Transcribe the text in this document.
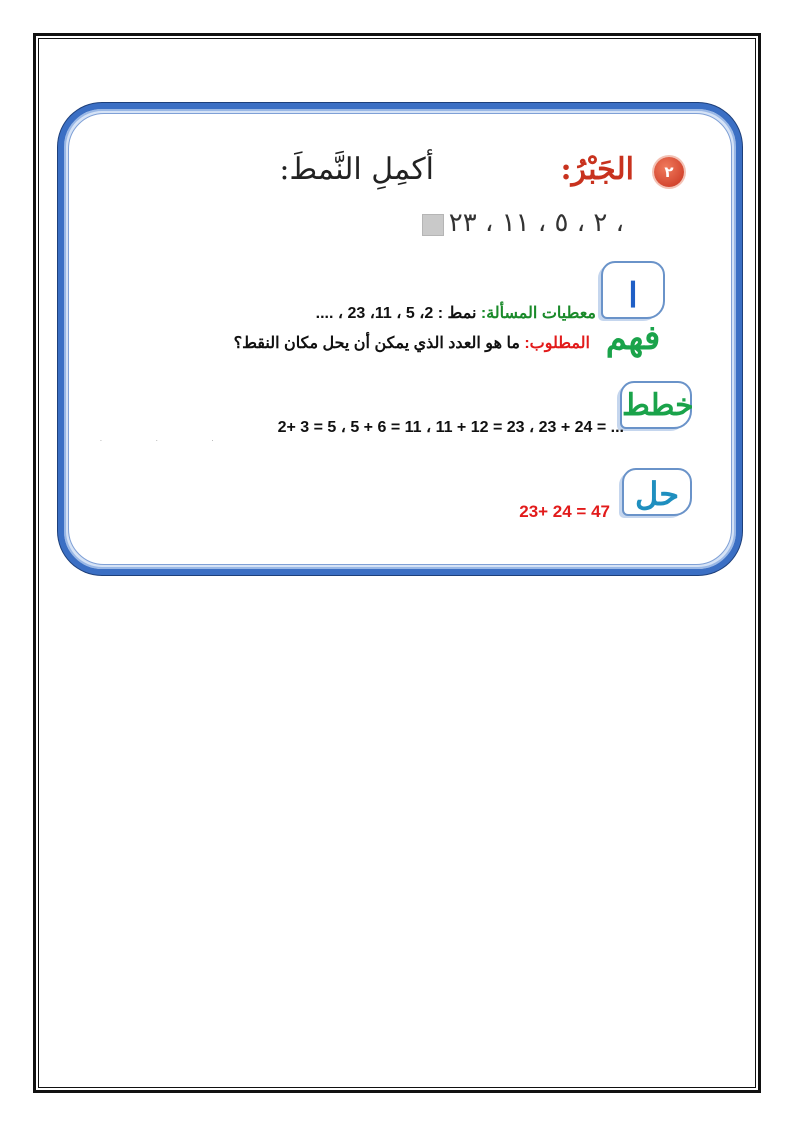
٢
الجَبْرُ:
أكمِلِ النَّمطَ:
٢ ، ٥ ، ١١ ، ٢٣ ،
افهم
معطيات المسألة: نمط : 2، 5 ، 11، 23 ، ....
المطلوب: ما هو العدد الذي يمكن أن يحل مكان النقط؟
خطط
2+ 3 = 5 ، 5 + 6 = 11 ، 11 + 12 = 23 ، 23 + 24 = ...
. . .
حل
23+ 24 = 47
